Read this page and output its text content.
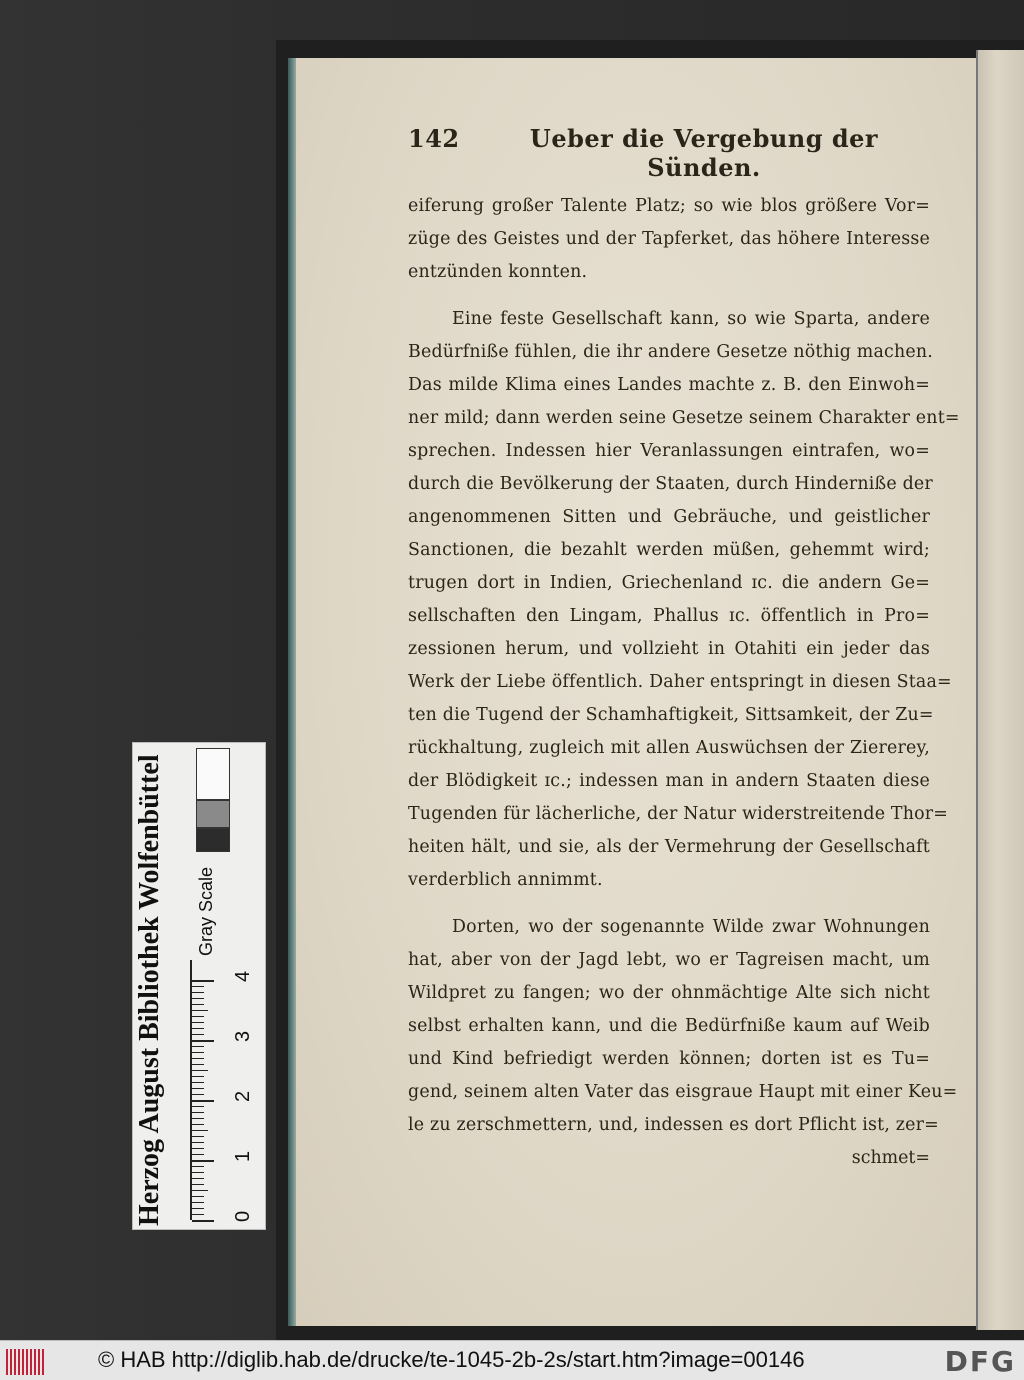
142	Ueber die Vergebung der Sünden.
eiferung großer Talente Platz; so wie blos größere Vor=
züge des Geistes und der Tapferket, das höhere Interesse
entzünden konnten.
Eine feste Gesellschaft kann, so wie Sparta, andere
Bedürfniße fühlen, die ihr andere Gesetze nöthig machen.
Das milde Klima eines Landes machte z. B. den Einwoh=
ner mild; dann werden seine Gesetze seinem Charakter ent=
sprechen. Indessen hier Veranlassungen eintrafen, wo=
durch die Bevölkerung der Staaten, durch Hinderniße der
angenommenen Sitten und Gebräuche, und geistlicher
Sanctionen, die bezahlt werden müßen, gehemmt wird;
trugen dort in Indien, Griechenland ɪc. die andern Ge=
sellschaften den Lingam, Phallus ɪc. öffentlich in Pro=
zessionen herum, und vollzieht in Otahiti ein jeder das
Werk der Liebe öffentlich. Daher entspringt in diesen Staa=
ten die Tugend der Schamhaftigkeit, Sittsamkeit, der Zu=
rückhaltung, zugleich mit allen Auswüchsen der Ziererey,
der Blödigkeit ɪc.; indessen man in andern Staaten diese
Tugenden für lächerliche, der Natur widerstreitende Thor=
heiten hält, und sie, als der Vermehrung der Gesellschaft
verderblich annimmt.
Dorten, wo der sogenannte Wilde zwar Wohnungen
hat, aber von der Jagd lebt, wo er Tagreisen macht, um
Wildpret zu fangen; wo der ohnmächtige Alte sich nicht
selbst erhalten kann, und die Bedürfniße kaum auf Weib
und Kind befriedigt werden können; dorten ist es Tu=
gend, seinem alten Vater das eisgraue Haupt mit einer Keu=
le zu zerschmettern, und, indessen es dort Pflicht ist, zer=
schmet=
Herzog August Bibliothek Wolfenbüttel Gray Scale
0
1
2
3
4
© HAB http://diglib.hab.de/drucke/te-1045-2b-2s/start.htm?image=00146	DFG
